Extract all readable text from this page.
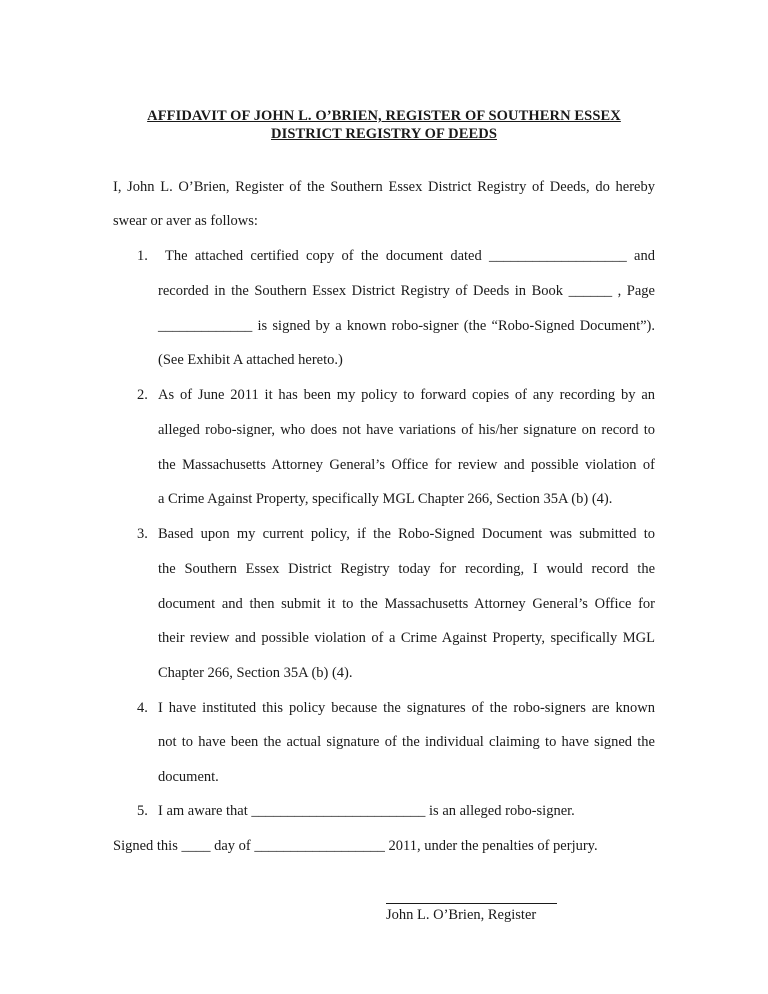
AFFIDAVIT OF JOHN L. O’BRIEN, REGISTER OF SOUTHERN ESSEX
DISTRICT REGISTRY OF DEEDS
I, John L. O’Brien, Register of the Southern Essex District Registry of Deeds, do hereby
swear or aver as follows:
1. The attached certified copy of the document dated ___________________ and
recorded in the Southern Essex District Registry of Deeds in Book ______ , Page
_____________ is signed by a known robo-signer (the “Robo-Signed Document”).
(See Exhibit A attached hereto.)
2. As of June 2011 it has been my policy to forward copies of any recording by an
alleged robo-signer, who does not have variations of his/her signature on record to
the Massachusetts Attorney General’s Office for review and possible violation of
a Crime Against Property, specifically MGL Chapter 266, Section 35A (b) (4).
3. Based upon my current policy, if the Robo-Signed Document was submitted to
the Southern Essex District Registry today for recording, I would record the
document and then submit it to the Massachusetts Attorney General’s Office for
their review and possible violation of a Crime Against Property, specifically MGL
Chapter 266, Section 35A (b) (4).
4. I have instituted this policy because the signatures of the robo-signers are known
not to have been the actual signature of the individual claiming to have signed the
document.
5. I am aware that ________________________ is an alleged robo-signer.
Signed this ____ day of __________________ 2011, under the penalties of perjury.
John L. O’Brien, Register
